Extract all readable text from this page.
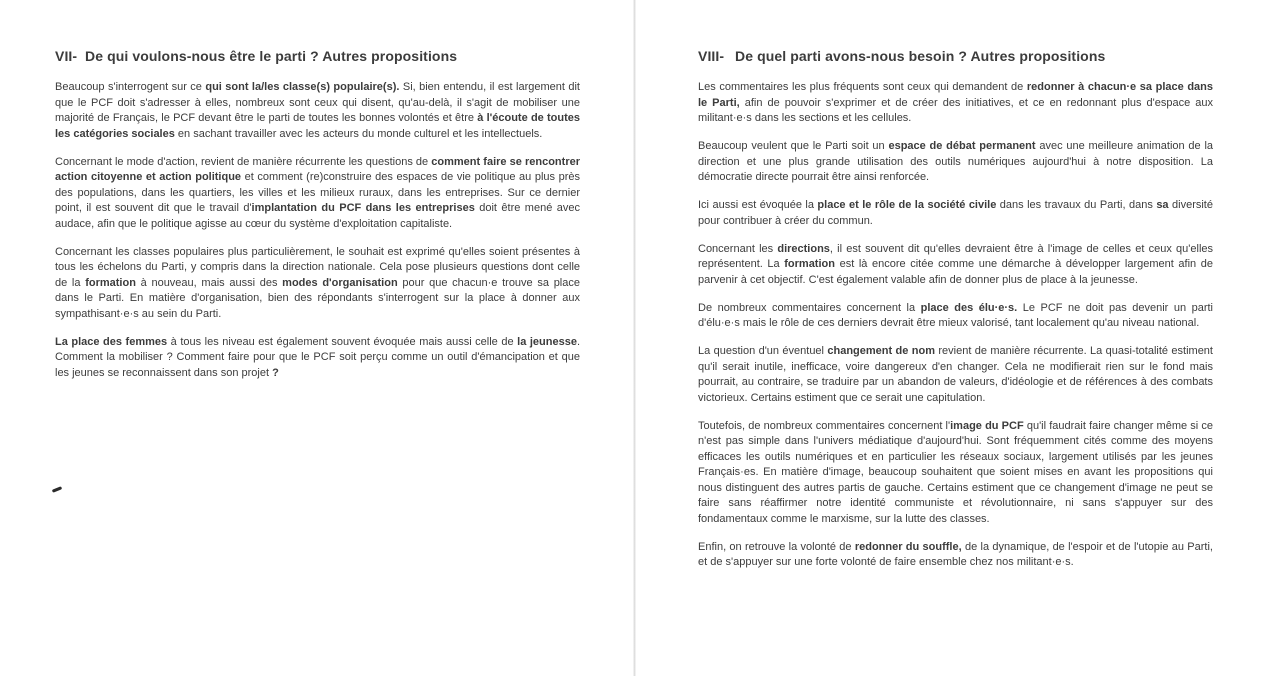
VII- De qui voulons-nous être le parti ? Autres propositions

Beaucoup s'interrogent sur ce qui sont la/les classe(s) populaire(s). Si, bien entendu, il est largement dit que le PCF doit s'adresser à elles, nombreux sont ceux qui disent, qu'au-delà, il s'agit de mobiliser une majorité de Français, le PCF devant être le parti de toutes les bonnes volontés et être à l'écoute de toutes les catégories sociales en sachant travailler avec les acteurs du monde culturel et les intellectuels.

Concernant le mode d'action, revient de manière récurrente les questions de comment faire se rencontrer action citoyenne et action politique et comment (re)construire des espaces de vie politique au plus près des populations, dans les quartiers, les villes et les milieux ruraux, dans les entreprises. Sur ce dernier point, il est souvent dit que le travail d'implantation du PCF dans les entreprises doit être mené avec audace, afin que le politique agisse au cœur du système d'exploitation capitaliste.

Concernant les classes populaires plus particulièrement, le souhait est exprimé qu'elles soient présentes à tous les échelons du Parti, y compris dans la direction nationale. Cela pose plusieurs questions dont celle de la formation à nouveau, mais aussi des modes d'organisation pour que chacun·e trouve sa place dans le Parti. En matière d'organisation, bien des répondants s'interrogent sur la place à donner aux sympathisant·e·s au sein du Parti.

La place des femmes à tous les niveau est également souvent évoquée mais aussi celle de la jeunesse. Comment la mobiliser ? Comment faire pour que le PCF soit perçu comme un outil d'émancipation et que les jeunes se reconnaissent dans son projet ?

VIII- De quel parti avons-nous besoin ? Autres propositions

Les commentaires les plus fréquents sont ceux qui demandent de redonner à chacun·e sa place dans le Parti, afin de pouvoir s'exprimer et de créer des initiatives, et ce en redonnant plus d'espace aux militant·e·s dans les sections et les cellules.

Beaucoup veulent que le Parti soit un espace de débat permanent avec une meilleure animation de la direction et une plus grande utilisation des outils numériques aujourd'hui à notre disposition. La démocratie directe pourrait être ainsi renforcée.

Ici aussi est évoquée la place et le rôle de la société civile dans les travaux du Parti, dans sa diversité pour contribuer à créer du commun.

Concernant les directions, il est souvent dit qu'elles devraient être à l'image de celles et ceux qu'elles représentent. La formation est là encore citée comme une démarche à développer largement afin de parvenir à cet objectif. C'est également valable afin de donner plus de place à la jeunesse.

De nombreux commentaires concernent la place des élu·e·s. Le PCF ne doit pas devenir un parti d'élu·e·s mais le rôle de ces derniers devrait être mieux valorisé, tant localement qu'au niveau national.

La question d'un éventuel changement de nom revient de manière récurrente. La quasi-totalité estiment qu'il serait inutile, inefficace, voire dangereux d'en changer. Cela ne modifierait rien sur le fond mais pourrait, au contraire, se traduire par un abandon de valeurs, d'idéologie et de références à des combats victorieux. Certains estiment que ce serait une capitulation.

Toutefois, de nombreux commentaires concernent l'image du PCF qu'il faudrait faire changer même si ce n'est pas simple dans l'univers médiatique d'aujourd'hui. Sont fréquemment cités comme des moyens efficaces les outils numériques et en particulier les réseaux sociaux, largement utilisés par les jeunes Français·es. En matière d'image, beaucoup souhaitent que soient mises en avant les propositions qui nous distinguent des autres partis de gauche. Certains estiment que ce changement d'image ne peut se faire sans réaffirmer notre identité communiste et révolutionnaire, ni sans s'appuyer sur des fondamentaux comme le marxisme, sur la lutte des classes.

Enfin, on retrouve la volonté de redonner du souffle, de la dynamique, de l'espoir et de l'utopie au Parti, et de s'appuyer sur une forte volonté de faire ensemble chez nos militant·e·s.
